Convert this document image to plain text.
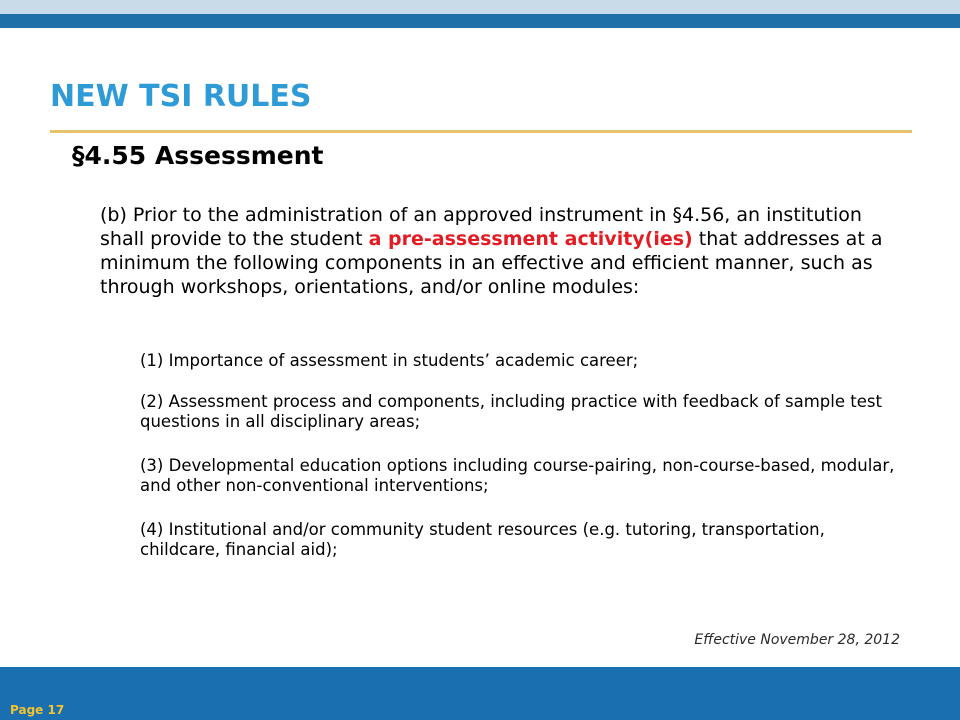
NEW TSI RULES
§4.55 Assessment

(b) Prior to the administration of an approved instrument in §4.56, an institution shall provide to the student a pre-assessment activity(ies) that addresses at a minimum the following components in an effective and efficient manner, such as through workshops, orientations, and/or online modules:

(1) Importance of assessment in students’ academic career;
(2) Assessment process and components, including practice with feedback of sample test questions in all disciplinary areas;
(3) Developmental education options including course-pairing, non-course-based, modular, and other non-conventional interventions;
(4) Institutional and/or community student resources (e.g. tutoring, transportation, childcare, financial aid);

Effective November 28, 2012

Page 17
